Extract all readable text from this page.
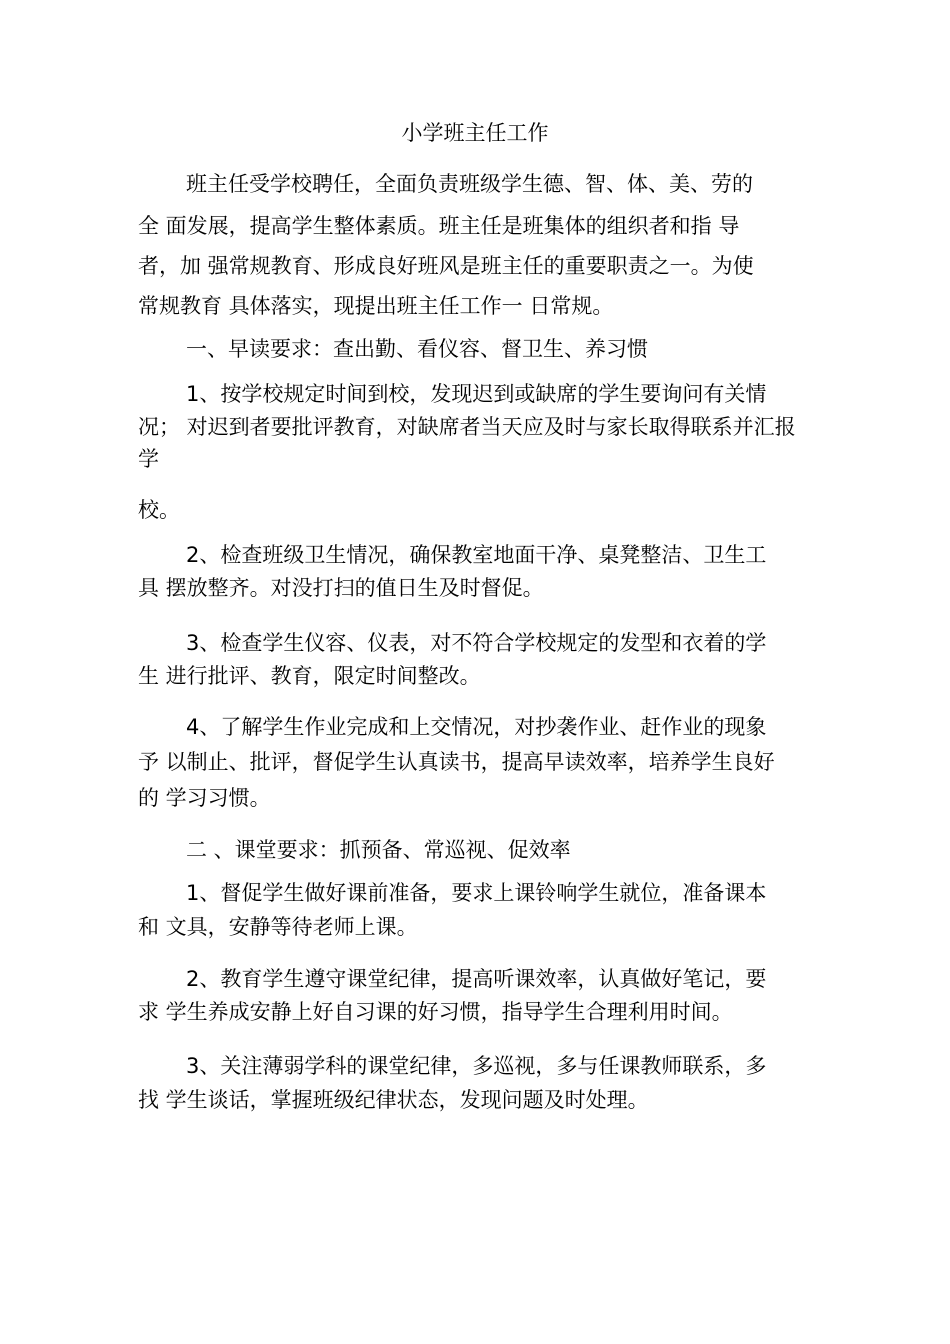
小学班主任工作
班主任受学校聘任，全面负责班级学生德、智、体、美、劳的
全 面发展，提高学生整体素质。班主任是班集体的组织者和指 导
者，加 强常规教育、形成良好班风是班主任的重要职责之一。为使
常规教育 具体落实，现提出班主任工作一 日常规。
一、早读要求：查出勤、看仪容、督卫生、养习惯
1、按学校规定时间到校，发现迟到或缺席的学生要询问有关情
况； 对迟到者要批评教育，对缺席者当天应及时与家长取得联系并汇报
学
校。
2、检查班级卫生情况，确保教室地面干净、桌凳整洁、卫生工
具 摆放整齐。对没打扫的值日生及时督促。
3、检查学生仪容、仪表，对不符合学校规定的发型和衣着的学
生 进行批评、教育，限定时间整改。
4、了解学生作业完成和上交情况，对抄袭作业、赶作业的现象
予 以制止、批评，督促学生认真读书，提高早读效率，培养学生良好
的 学习习惯。
二 、课堂要求：抓预备、常巡视、促效率
1、督促学生做好课前准备，要求上课铃响学生就位，准备课本
和 文具，安静等待老师上课。
2、教育学生遵守课堂纪律，提高听课效率，认真做好笔记，要
求 学生养成安静上好自习课的好习惯，指导学生合理利用时间。
3、关注薄弱学科的课堂纪律，多巡视，多与任课教师联系，多
找 学生谈话，掌握班级纪律状态，发现问题及时处理。
